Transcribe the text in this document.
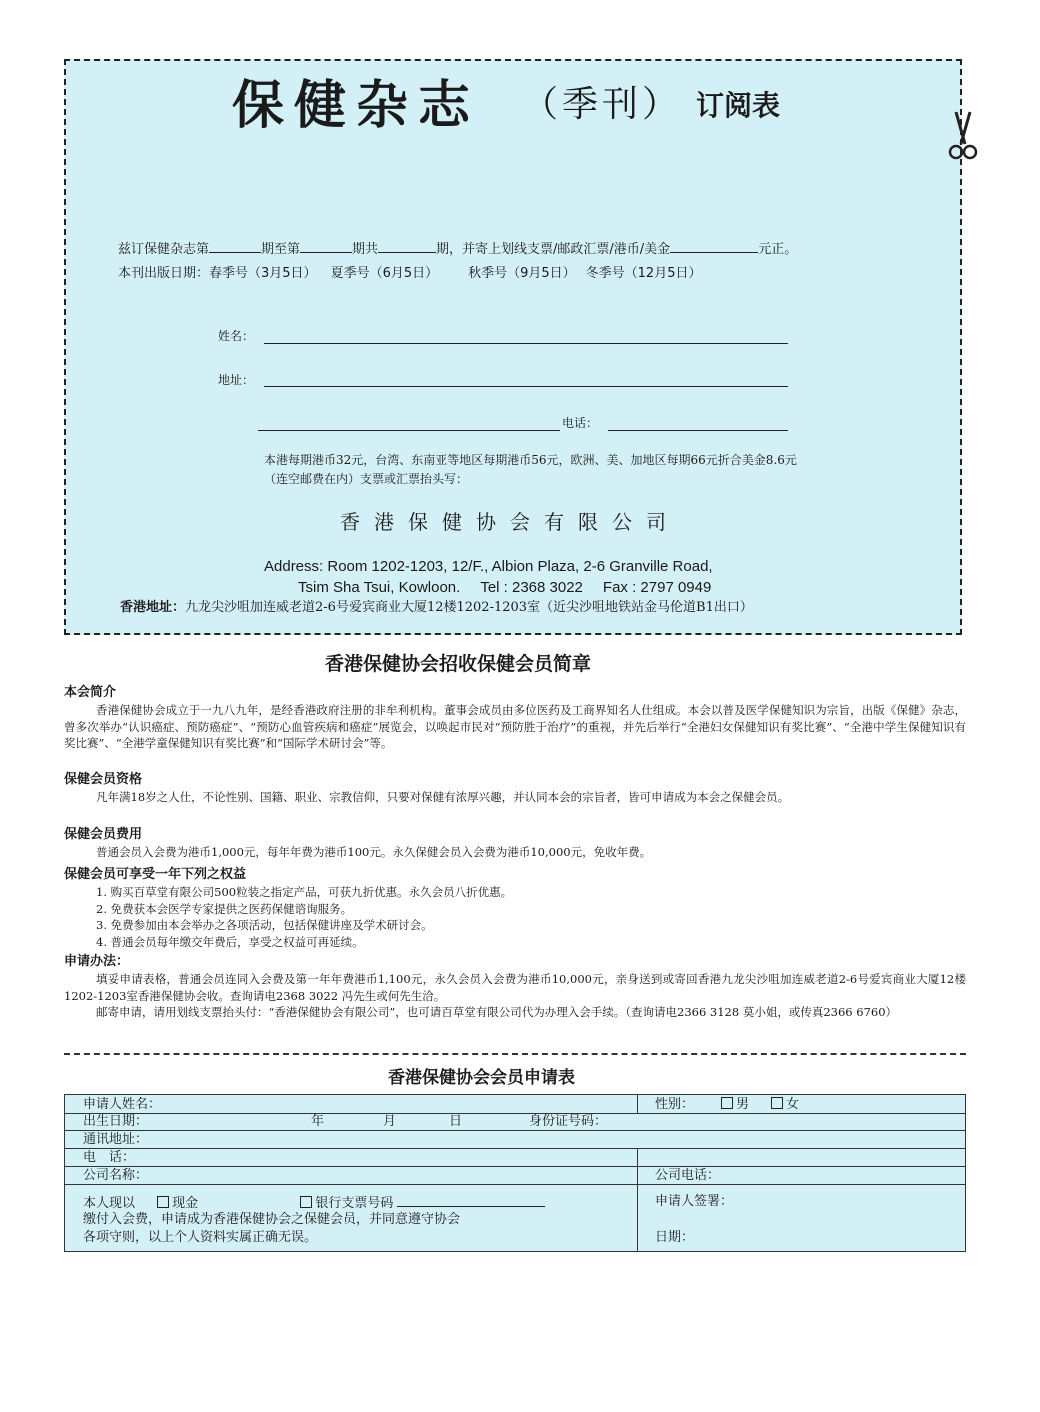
保健杂志 （季刊） 订阅表
兹订保健杂志第	期至第	期共	期，并寄上划线支票/邮政汇票/港币/美金	元正。
本刊出版日期：春季号（3月5日） 夏季号（6月5日） 秋季号（9月5日） 冬季号（12月5日）
姓名：
地址：
电话：
本港每期港币32元，台湾、东南亚等地区每期港币56元，欧洲、美、加地区每期66元折合美金8.6元（连空邮费在内）支票或汇票抬头写：
香港保健协会有限公司
Address: Room 1202-1203, 12/F., Albion Plaza, 2-6 Granville Road,
Tsim Sha Tsui, Kowloon. Tel : 2368 3022 Fax : 2797 0949
香港地址：九龙尖沙咀加连威老道2-6号爱宾商业大厦12楼1202-1203室（近尖沙咀地铁站金马伦道B1出口）
香港保健协会招收保健会员简章
本会简介

香港保健协会成立于一九八九年，是经香港政府注册的非牟利机构。董事会成员由多位医药及工商界知名人仕组成。本会以普及医学保健知识为宗旨，出版《保健》杂志，曾多次举办“认识癌症、预防癌症”、“预防心血管疾病和癌症”展览会，以唤起市民对“预防胜于治疗”的重视，并先后举行“全港妇女保健知识有奖比赛”、“全港中学生保健知识有奖比赛”、“全港学童保健知识有奖比赛”和“国际学术研讨会”等。

保健会员资格

凡年满18岁之人仕，不论性别、国籍、职业、宗教信仰，只要对保健有浓厚兴趣，并认同本会的宗旨者，皆可申请成为本会之保健会员。

保健会员费用

普通会员入会费为港币1,000元，每年年费为港币100元。永久保健会员入会费为港币10,000元，免收年费。

保健会员可享受一年下列之权益
1. 购买百草堂有限公司500粒装之指定产品，可获九折优惠。永久会员八折优惠。
2. 免费获本会医学专家提供之医药保健谘询服务。
3. 免费参加由本会举办之各项活动，包括保健讲座及学术研讨会。
4. 普通会员每年缴交年费后，享受之权益可再延续。
申请办法：

填妥申请表格，普通会员连同入会费及第一年年费港币1,100元，永久会员入会费为港币10,000元，亲身送到或寄回香港九龙尖沙咀加连威老道2-6号爱宾商业大厦12楼1202-1203室香港保健协会收。查询请电2368 3022 冯先生或何先生洽。

邮寄申请，请用划线支票抬头付：“香港保健协会有限公司”，也可请百草堂有限公司代为办理入会手续。（查询请电2366 3128 莫小姐，或传真2366 6760）

香港保健协会会员申请表
申请人姓名：	性别：	男	女
出生日期：	年	月	日	身份证号码：
通讯地址：
电　话：
公司名称：	公司电话：
本人现以	现金	银行支票号码
缴付入会费，申请成为香港保健协会之保健会员，并同意遵守协会
各项守则，以上个人资料实属正确无误。
申请人签署：
日期：
